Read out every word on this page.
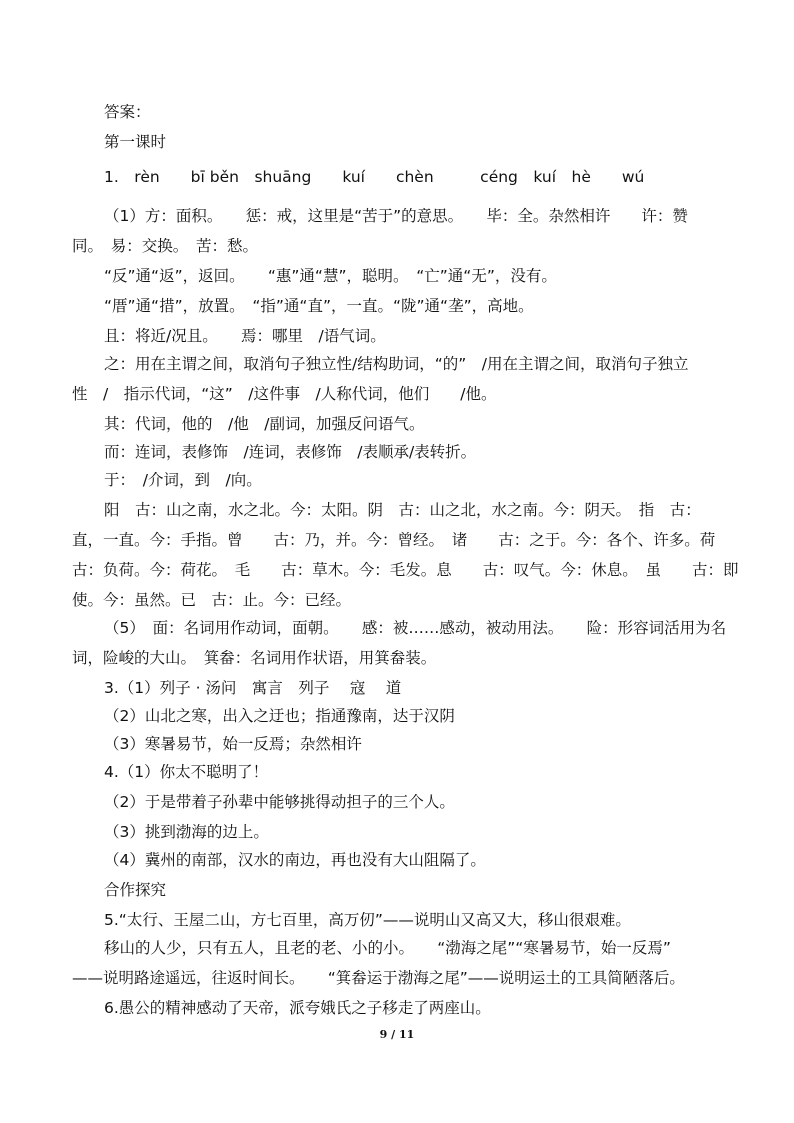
答案：
第一课时
1.　rèn　　bī běn　shuāng　　kuí　　chèn　　　céng　kuí　hè　　wú
（1）方：面积。　　惩：戒，这里是“苦于”的意思。　　毕：全。杂然相许　　许：赞
同。　易：交换。　苦：愁。
“反”通“返”，返回。　　“惠”通“慧”，聪明。　“亡”通“无”，没有。
“厝”通“措”，放置。　“指”通“直”，一直。“陇”通“垄”，高地。
且：将近/况且。　　焉：哪里　/语气词。
之：用在主谓之间，取消句子独立性/结构助词，“的”　/用在主谓之间，取消句子独立
性　/　指示代词，“这”　/这件事　/人称代词，他们　　/他。
其：代词，他的　/他　/副词，加强反问语气。
而：连词，表修饰　/连词，表修饰　/表顺承/表转折。
于：　/介词，到　/向。
阳　古：山之南，水之北。今：太阳。阴　古：山之北，水之南。今：阴天。　指　古：
直，一直。今：手指。曾　　古：乃，并。今：曾经。　诸　　古：之于。今：各个、许多。荷
古：负荷。今：荷花。　毛　　古：草木。今：毛发。息　　古：叹气。今：休息。　虽　　古：即
使。今：虽然。已　古：止。今：已经。
（5）　面：名词用作动词，面朝。　　感：被……感动，被动用法。　　险：形容词活用为名
词，险峻的大山。　箕畚：名词用作状语，用箕畚装。
3.（1）列子 · 汤问　寓言　列子　 寇　 道
（2）山北之寒，出入之迂也；指通豫南，达于汉阴
（3）寒暑易节，始一反焉；杂然相许
4.（1）你太不聪明了！
（2）于是带着子孙辈中能够挑得动担子的三个人。
（3）挑到渤海的边上。
（4）冀州的南部，汉水的南边，再也没有大山阻隔了。
合作探究
5.“太行、王屋二山，方七百里，高万仞”——说明山又高又大，移山很艰难。
移山的人少，只有五人，且老的老、小的小。　　“渤海之尾”“寒暑易节，始一反焉”
——说明路途遥远，往返时间长。　　“箕畚运于渤海之尾”——说明运土的工具简陋落后。
6.愚公的精神感动了天帝，派夸娥氏之子移走了两座山。
9 / 11
